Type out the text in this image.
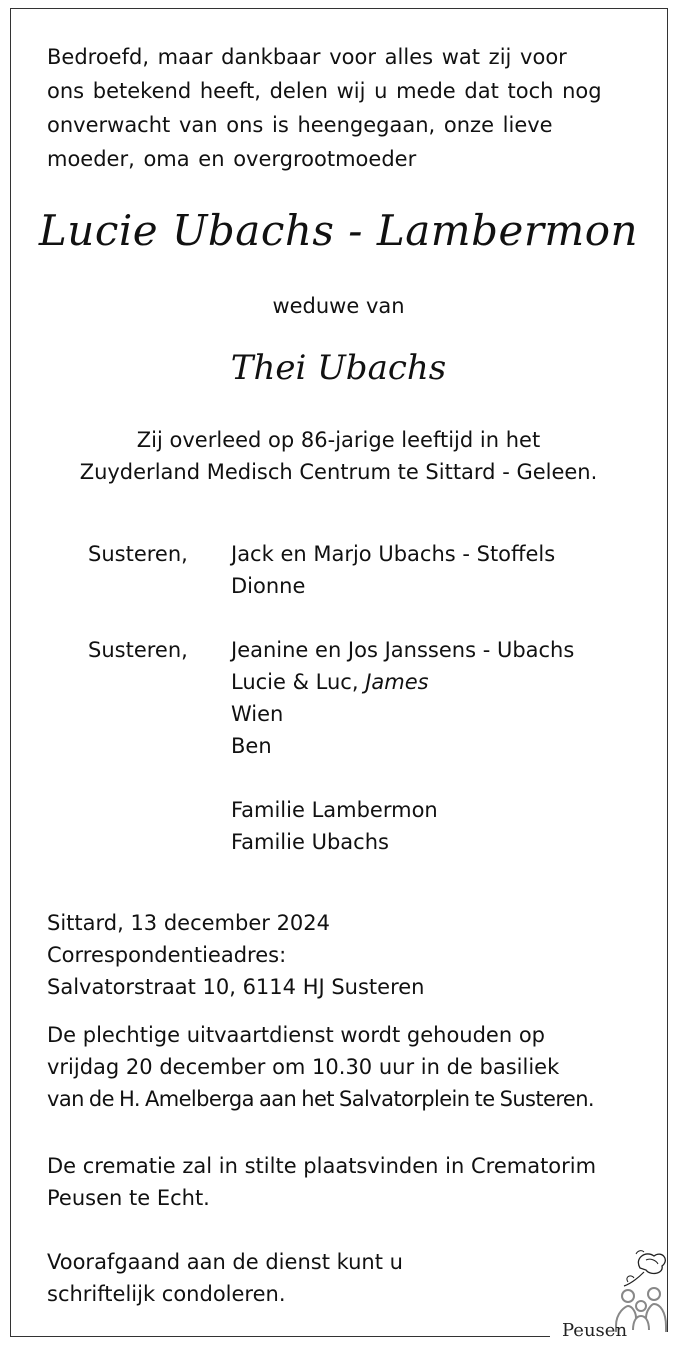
Bedroefd, maar dankbaar voor alles wat zij voor
ons betekend heeft, delen wij u mede dat toch nog
onverwacht van ons is heengegaan, onze lieve
moeder, oma en overgrootmoeder
Lucie Ubachs - Lambermon
weduwe van
Thei Ubachs
Zij overleed op 86-jarige leeftijd in het
Zuyderland Medisch Centrum te Sittard - Geleen.
Susteren, Jack en Marjo Ubachs - Stoffels
Dionne
Susteren, Jeanine en Jos Janssens - Ubachs
Lucie & Luc, James
Wien
Ben
Familie Lambermon
Familie Ubachs
Sittard, 13 december 2024
Correspondentieadres:
Salvatorstraat 10, 6114 HJ Susteren
De plechtige uitvaartdienst wordt gehouden op
vrijdag 20 december om 10.30 uur in de basiliek
van de H. Amelberga aan het Salvatorplein te Susteren.
De crematie zal in stilte plaatsvinden in Crematorim
Peusen te Echt.
Voorafgaand aan de dienst kunt u
schriftelijk condoleren.
Peusen
